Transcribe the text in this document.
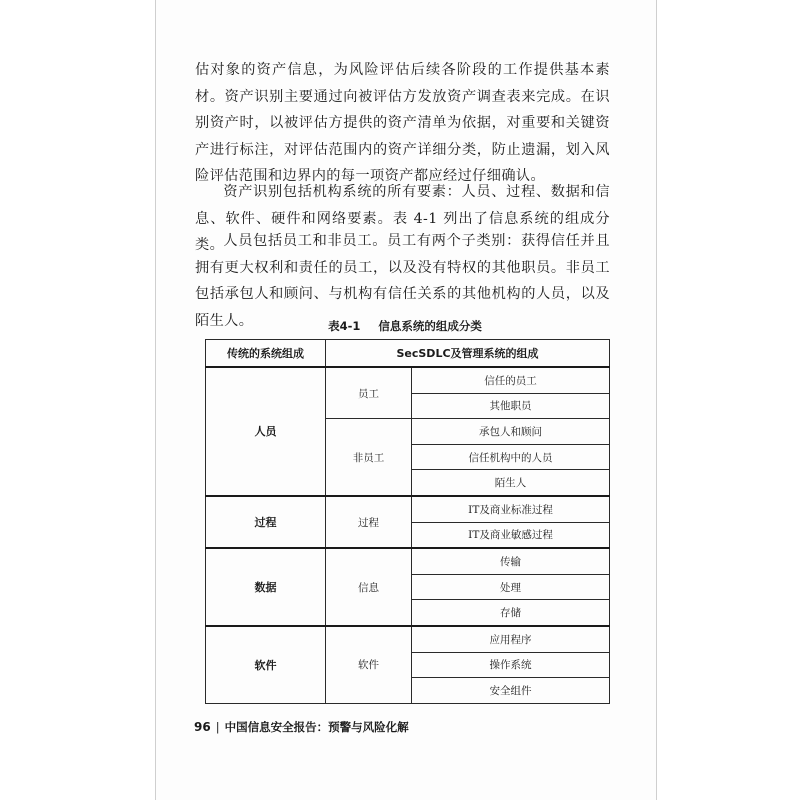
估对象的资产信息，为风险评估后续各阶段的工作提供基本素材。资产识别主要通过向被评估方发放资产调查表来完成。在识别资产时，以被评估方提供的资产清单为依据，对重要和关键资产进行标注，对评估范围内的资产详细分类，防止遗漏，划入风险评估范围和边界内的每一项资产都应经过仔细确认。

资产识别包括机构系统的所有要素：人员、过程、数据和信息、软件、硬件和网络要素。表 4-1 列出了信息系统的组成分类。 人员包括员工和非员工。员工有两个子类别：获得信任并且拥有更大权利和责任的员工，以及没有特权的其他职员。非员工包括承包人和顾问、与机构有信任关系的其他机构的人员，以及陌生人。	表4-1 信息系统的组成分类
传统的系统组成	SecSDLC及管理系统的组成	
人员	员工	信任的员工
		其他职员
	非员工	承包人和顾问
		信任机构中的人员
		陌生人
过程	过程	IT及商业标准过程
		IT及商业敏感过程
数据	信息	传输
		处理
		存储
软件	软件	应用程序
		操作系统
		安全组件
96 | 中国信息安全报告：预警与风险化解
